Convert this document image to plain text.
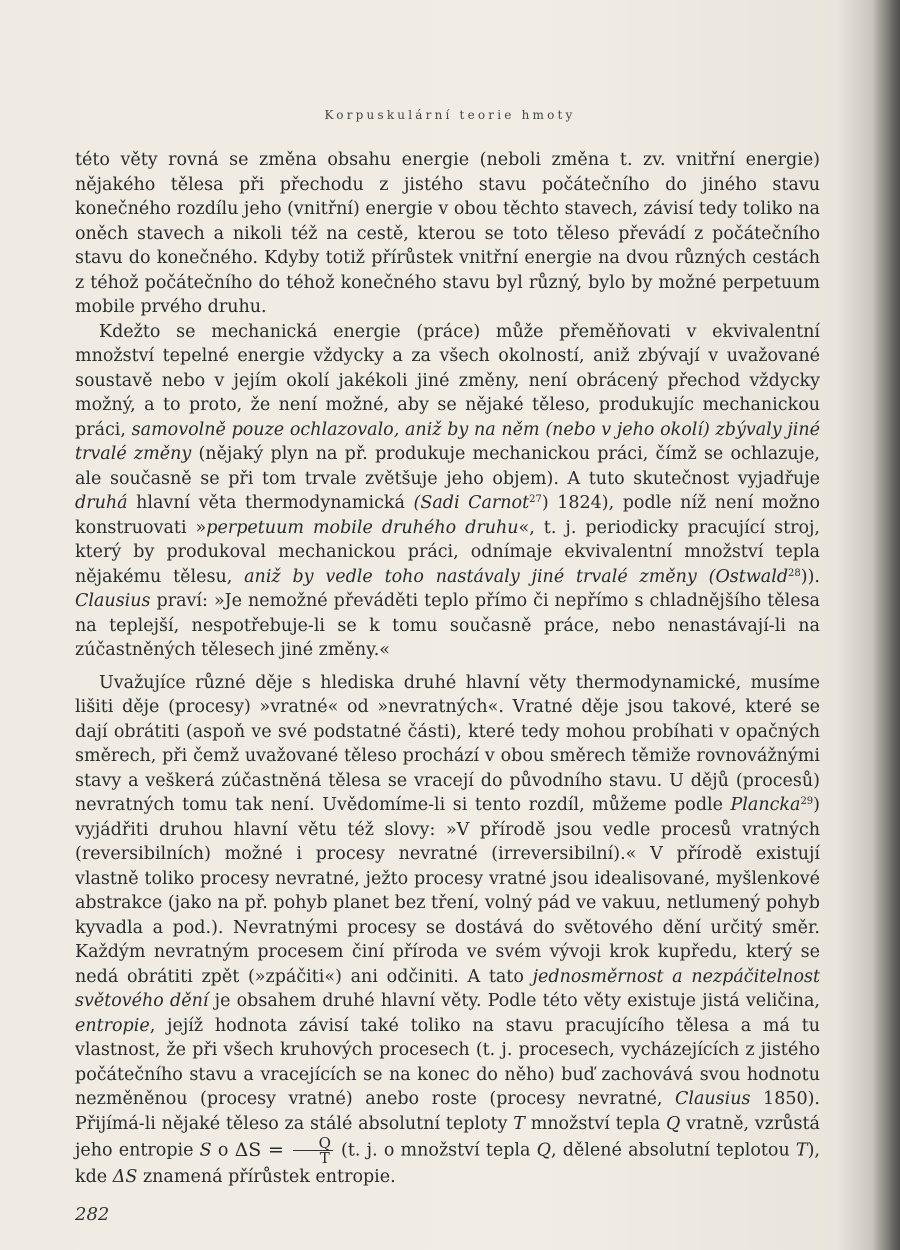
Korpuskulární teorie hmoty

této věty rovná se změna obsahu energie (neboli změna t. zv. vnitřní energie) nějakého tělesa při přechodu z jistého stavu počátečního do jiného stavu konečného rozdílu jeho (vnitřní) energie v obou těchto stavech, závisí tedy toliko na oněch stavech a nikoli též na cestě, kterou se toto těleso převádí z počátečního stavu do konečného. Kdyby totiž přírůstek vnitřní energie na dvou různých cestách z téhož počátečního do téhož konečného stavu byl různý, bylo by možné perpetuum mobile prvého druhu.

Kdežto se mechanická energie (práce) může přeměňovati v ekvivalentní množství tepelné energie vždycky a za všech okolností, aniž zbývají v uvažované soustavě nebo v jejím okolí jakékoli jiné změny, není obrácený přechod vždycky možný, a to proto, že není možné, aby se nějaké těleso, produkujíc mechanickou práci, samovolně pouze ochlazovalo, aniž by na něm (nebo v jeho okolí) zbývaly jiné trvalé změny (nějaký plyn na př. produkuje mechanickou práci, čímž se ochlazuje, ale současně se při tom trvale zvětšuje jeho objem). A tuto skutečnost vyjadřuje druhá hlavní věta thermodynamická (Sadi Carnot$^{27}$) 1824), podle níž není možno konstruovati »perpetuum mobile druhého druhu«, t. j. periodicky pracující stroj, který by produkoval mechanickou práci, odnímaje ekvivalentní množství tepla nějakému tělesu, aniž by vedle toho nastávaly jiné trvalé změny (Ostwald$^{28}$)). Clausius praví: »Je nemožné převáděti teplo přímo či nepřímo s chladnějšího tělesa na teplejší, nespotřebuje-li se k tomu současně práce, nebo nenastávají-li na zúčastněných tělesech jiné změny.«

Uvažujíce různé děje s hlediska druhé hlavní věty thermodynamické, musíme lišiti děje (procesy) »vratné« od »nevratných«. Vratné děje jsou takové, které se dají obrátiti (aspoň ve své podstatné části), které tedy mohou probíhati v opačných směrech, při čemž uvažované těleso prochází v obou směrech těmiže rovnovážnými stavy a veškerá zúčastněná tělesa se vracejí do původního stavu. U dějů (procesů) nevratných tomu tak není. Uvědomíme-li si tento rozdíl, můžeme podle Plancka$^{29}$) vyjádřiti druhou hlavní větu též slovy: »V přírodě jsou vedle procesů vratných (reversibilních) možné i procesy nevratné (irreversibilní).« V přírodě existují vlastně toliko procesy nevratné, ježto procesy vratné jsou idealisované, myšlenkové abstrakce (jako na př. pohyb planet bez tření, volný pád ve vakuu, netlumený pohyb kyvadla a pod.). Nevratnými procesy se dostává do světového dění určitý směr. Každým nevratným procesem činí příroda ve svém vývoji krok kupředu, který se nedá obrátiti zpět (»zpáčiti«) ani odčiniti. A tato jednosměrnost a nezpáčitelnost světového dění je obsahem druhé hlavní věty. Podle této věty existuje jistá veličina, entropie, jejíž hodnota závisí také toliko na stavu pracujícího tělesa a má tu vlastnost, že při všech kruhových procesech (t. j. procesech, vycházejících z jistého počátečního stavu a vracejících se na konec do něho) buď zachovává svou hodnotu nezměněnou (procesy vratné) anebo roste (procesy nevratné, Clausius 1850). Přijímá-li nějaké těleso za stálé absolutní teploty T množství tepla Q vratně, vzrůstá jeho entropie S o $\Delta S = \frac{Q}{T} (t$. j. o množství tepla Q, dělené absolutní teplotou T), kde ΔS znamená přírůstek entropie.

282
